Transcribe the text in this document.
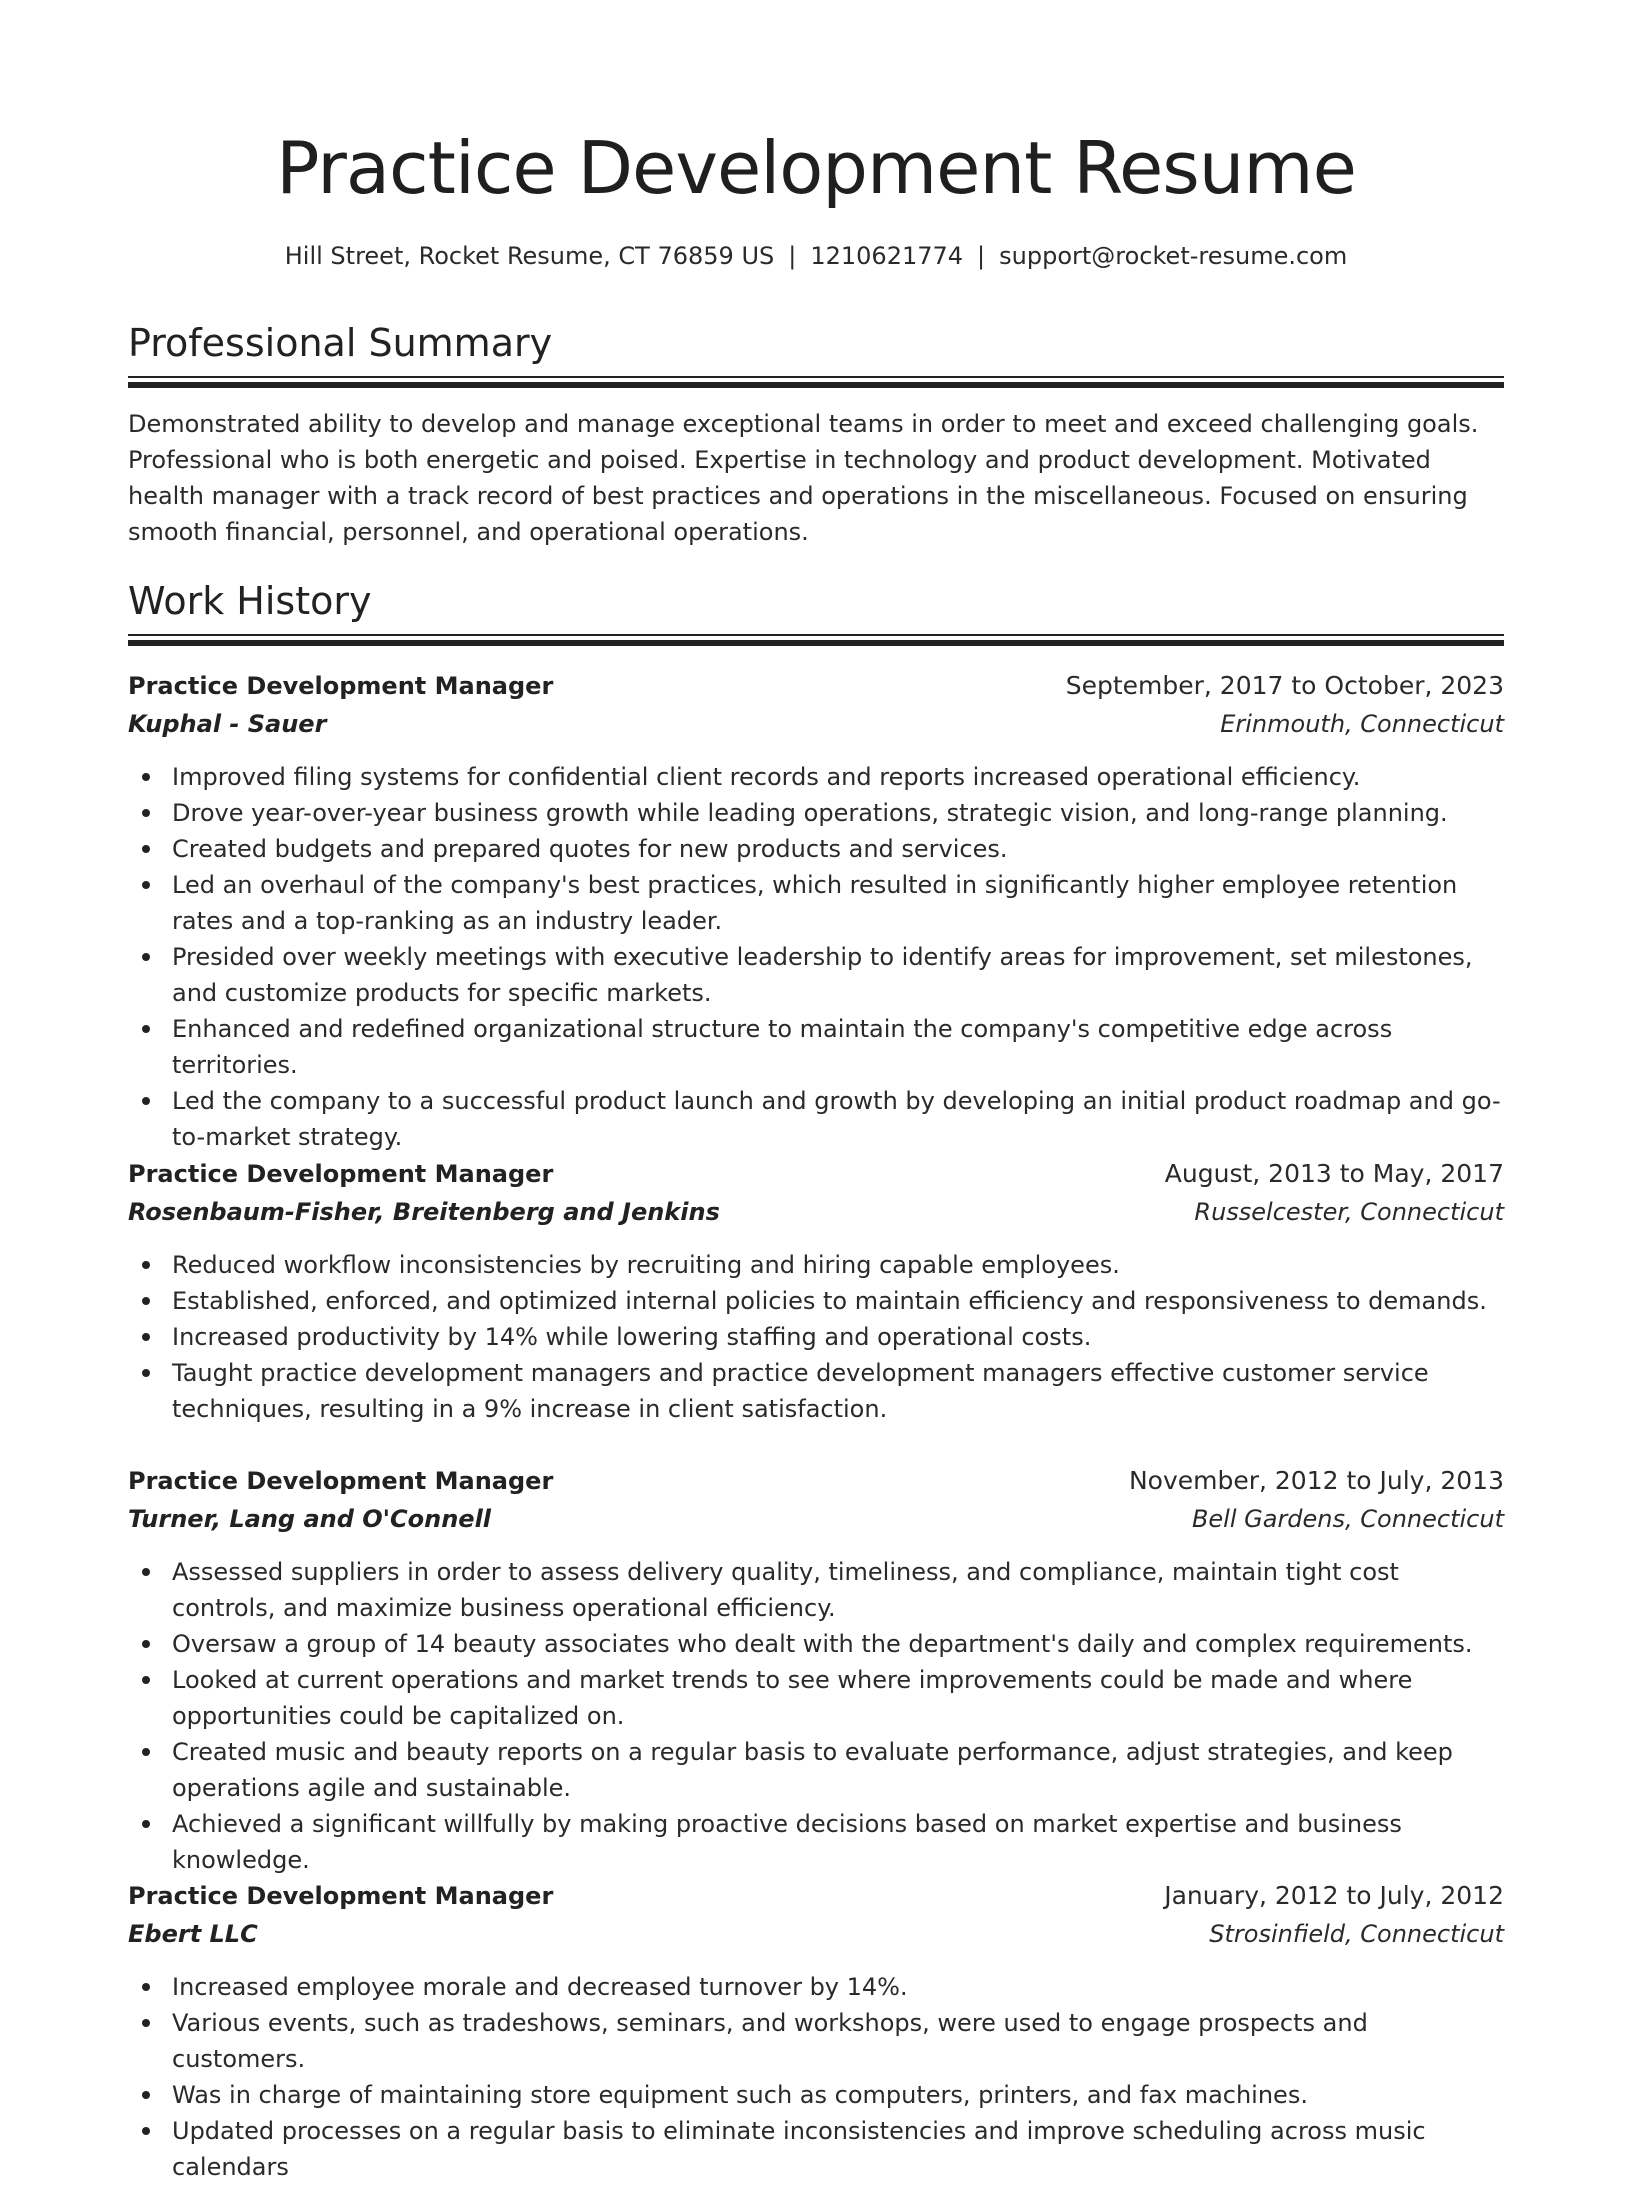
Practice Development Resume
Hill Street, Rocket Resume, CT 76859 US | 1210621774 | support@rocket-resume.com
Professional Summary

Demonstrated ability to develop and manage exceptional teams in order to meet and exceed challenging goals. Professional who is both energetic and poised. Expertise in technology and product development. Motivated health manager with a track record of best practices and operations in the miscellaneous. Focused on ensuring smooth financial, personnel, and operational operations.

Work History
Practice Development Manager	September, 2017 to October, 2023
Kuphal - Sauer	Erinmouth, Connecticut
Improved filing systems for confidential client records and reports increased operational efficiency.
Drove year-over-year business growth while leading operations, strategic vision, and long-range planning.
Created budgets and prepared quotes for new products and services.
Led an overhaul of the company's best practices, which resulted in significantly higher employee retention rates and a top-ranking as an industry leader.
Presided over weekly meetings with executive leadership to identify areas for improvement, set milestones, and customize products for specific markets.
Enhanced and redefined organizational structure to maintain the company's competitive edge across territories.
Led the company to a successful product launch and growth by developing an initial product roadmap and go-to-market strategy.
Practice Development Manager	August, 2013 to May, 2017
Rosenbaum-Fisher, Breitenberg and Jenkins	Russelcester, Connecticut
Reduced workflow inconsistencies by recruiting and hiring capable employees.
Established, enforced, and optimized internal policies to maintain efficiency and responsiveness to demands.
Increased productivity by 14% while lowering staffing and operational costs.
Taught practice development managers and practice development managers effective customer service techniques, resulting in a 9% increase in client satisfaction.
Practice Development Manager	November, 2012 to July, 2013
Turner, Lang and O'Connell	Bell Gardens, Connecticut
Assessed suppliers in order to assess delivery quality, timeliness, and compliance, maintain tight cost controls, and maximize business operational efficiency.
Oversaw a group of 14 beauty associates who dealt with the department's daily and complex requirements.
Looked at current operations and market trends to see where improvements could be made and where opportunities could be capitalized on.
Created music and beauty reports on a regular basis to evaluate performance, adjust strategies, and keep operations agile and sustainable.
Achieved a significant willfully by making proactive decisions based on market expertise and business knowledge.
Practice Development Manager	January, 2012 to July, 2012
Ebert LLC	Strosinfield, Connecticut
Increased employee morale and decreased turnover by 14%.
Various events, such as tradeshows, seminars, and workshops, were used to engage prospects and customers.
Was in charge of maintaining store equipment such as computers, printers, and fax machines.
Updated processes on a regular basis to eliminate inconsistencies and improve scheduling across music calendars
